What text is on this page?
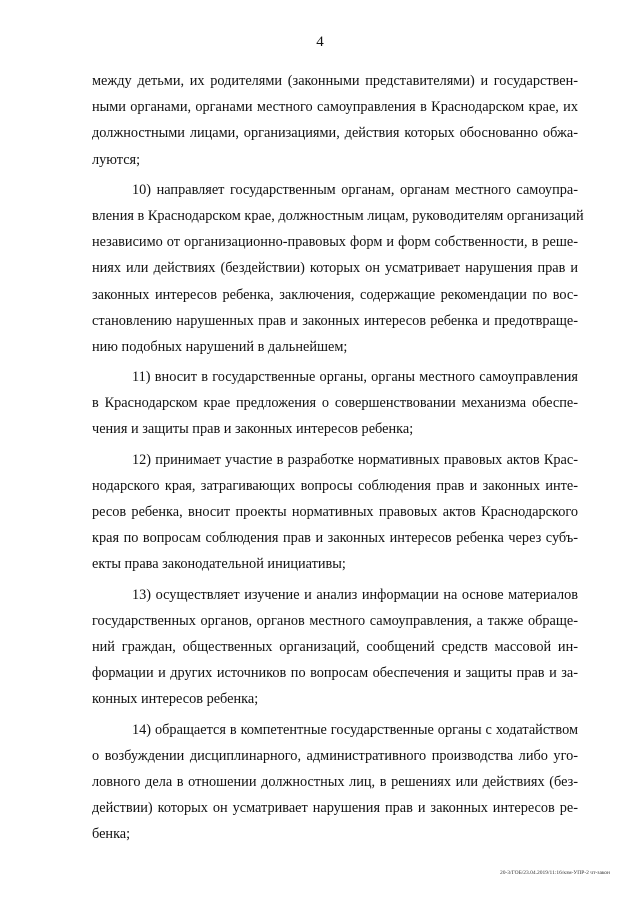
4
между детьми, их родителями (законными представителями) и государствен-
ными органами, органами местного самоуправления в Краснодарском крае, их
должностными лицами, организациями, действия которых обоснованно обжа-
луются;
10) направляет государственным органам, органам местного самоупра-
вления в Краснодарском крае, должностным лицам, руководителям организаций
независимо от организационно-правовых форм и форм собственности, в реше-
ниях или действиях (бездействии) которых он усматривает нарушения прав и
законных интересов ребенка, заключения, содержащие рекомендации по вос-
становлению нарушенных прав и законных интересов ребенка и предотвраще-
нию подобных нарушений в дальнейшем;
11) вносит в государственные органы, органы местного самоуправления
в Краснодарском крае предложения о совершенствовании механизма обеспе-
чения и защиты прав и законных интересов ребенка;
12) принимает участие в разработке нормативных правовых актов Крас-
нодарского края, затрагивающих вопросы соблюдения прав и законных инте-
ресов ребенка, вносит проекты нормативных правовых актов Краснодарского
края по вопросам соблюдения прав и законных интересов ребенка через субъ-
екты права законодательной инициативы;
13) осуществляет изучение и анализ информации на основе материалов
государственных органов, органов местного самоуправления, а также обраще-
ний граждан, общественных организаций, сообщений средств массовой ин-
формации и других источников по вопросам обеспечения и защиты прав и за-
конных интересов ребенка;
14) обращается в компетентные государственные органы с ходатайством
о возбуждении дисциплинарного, административного производства либо уго-
ловного дела в отношении должностных лиц, в решениях или действиях (без-
действии) которых он усматривает нарушения прав и законных интересов ре-
бенка;
20-3/ГОБ/23.04.2019/11:16/кзм-УПР-2 чт-закон
